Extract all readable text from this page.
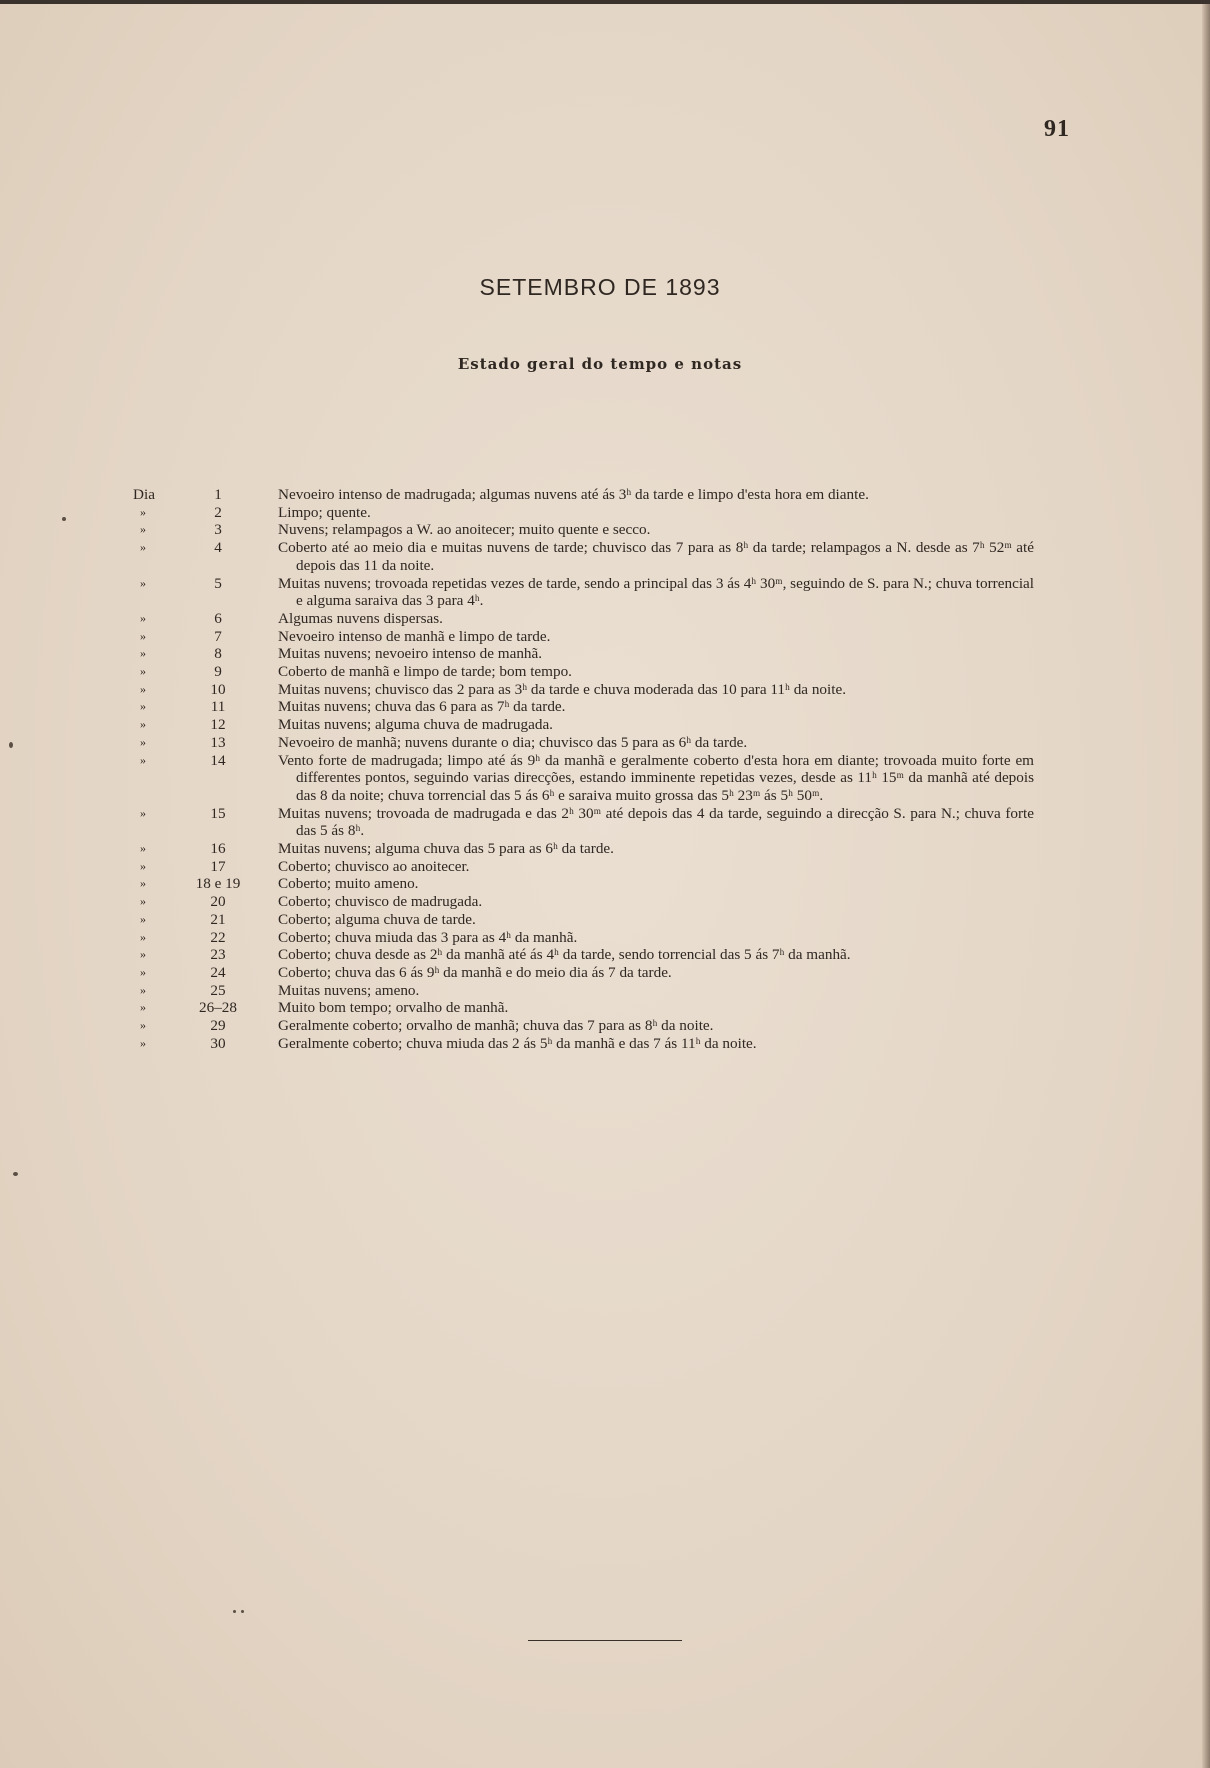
91
SETEMBRO DE 1893
Estado geral do tempo e notas
Dia	1	Nevoeiro intenso de madrugada; algumas nuvens até ás 3ʰ da tarde e limpo d'esta hora em diante.
»	2	Limpo; quente.
»	3	Nuvens; relampagos a W. ao anoitecer; muito quente e secco.
»	4	Coberto até ao meio dia e muitas nuvens de tarde; chuvisco das 7 para as 8ʰ da tarde; relampagos a N. desde as 7ʰ 52ᵐ até depois das 11 da noite.
»	5	Muitas nuvens; trovoada repetidas vezes de tarde, sendo a principal das 3 ás 4ʰ 30ᵐ, seguindo de S. para N.; chuva torrencial e alguma saraiva das 3 para 4ʰ.
»	6	Algumas nuvens dispersas.
»	7	Nevoeiro intenso de manhã e limpo de tarde.
»	8	Muitas nuvens; nevoeiro intenso de manhã.
»	9	Coberto de manhã e limpo de tarde; bom tempo.
»	10	Muitas nuvens; chuvisco das 2 para as 3ʰ da tarde e chuva moderada das 10 para 11ʰ da noite.
»	11	Muitas nuvens; chuva das 6 para as 7ʰ da tarde.
»	12	Muitas nuvens; alguma chuva de madrugada.
»	13	Nevoeiro de manhã; nuvens durante o dia; chuvisco das 5 para as 6ʰ da tarde.
»	14	Vento forte de madrugada; limpo até ás 9ʰ da manhã e geralmente coberto d'esta hora em diante; trovoada muito forte em differentes pontos, seguindo varias direcções, estando imminente repetidas vezes, desde as 11ʰ 15ᵐ da manhã até depois das 8 da noite; chuva torrencial das 5 ás 6ʰ e saraiva muito grossa das 5ʰ 23ᵐ ás 5ʰ 50ᵐ.
»	15	Muitas nuvens; trovoada de madrugada e das 2ʰ 30ᵐ até depois das 4 da tarde, seguindo a direcção S. para N.; chuva forte das 5 ás 8ʰ.
»	16	Muitas nuvens; alguma chuva das 5 para as 6ʰ da tarde.
»	17	Coberto; chuvisco ao anoitecer.
»	18 e 19	Coberto; muito ameno.
»	20	Coberto; chuvisco de madrugada.
»	21	Coberto; alguma chuva de tarde.
»	22	Coberto; chuva miuda das 3 para as 4ʰ da manhã.
»	23	Coberto; chuva desde as 2ʰ da manhã até ás 4ʰ da tarde, sendo torrencial das 5 ás 7ʰ da manhã.
»	24	Coberto; chuva das 6 ás 9ʰ da manhã e do meio dia ás 7 da tarde.
»	25	Muitas nuvens; ameno.
»	26–28	Muito bom tempo; orvalho de manhã.
»	29	Geralmente coberto; orvalho de manhã; chuva das 7 para as 8ʰ da noite.
»	30	Geralmente coberto; chuva miuda das 2 ás 5ʰ da manhã e das 7 ás 11ʰ da noite.
